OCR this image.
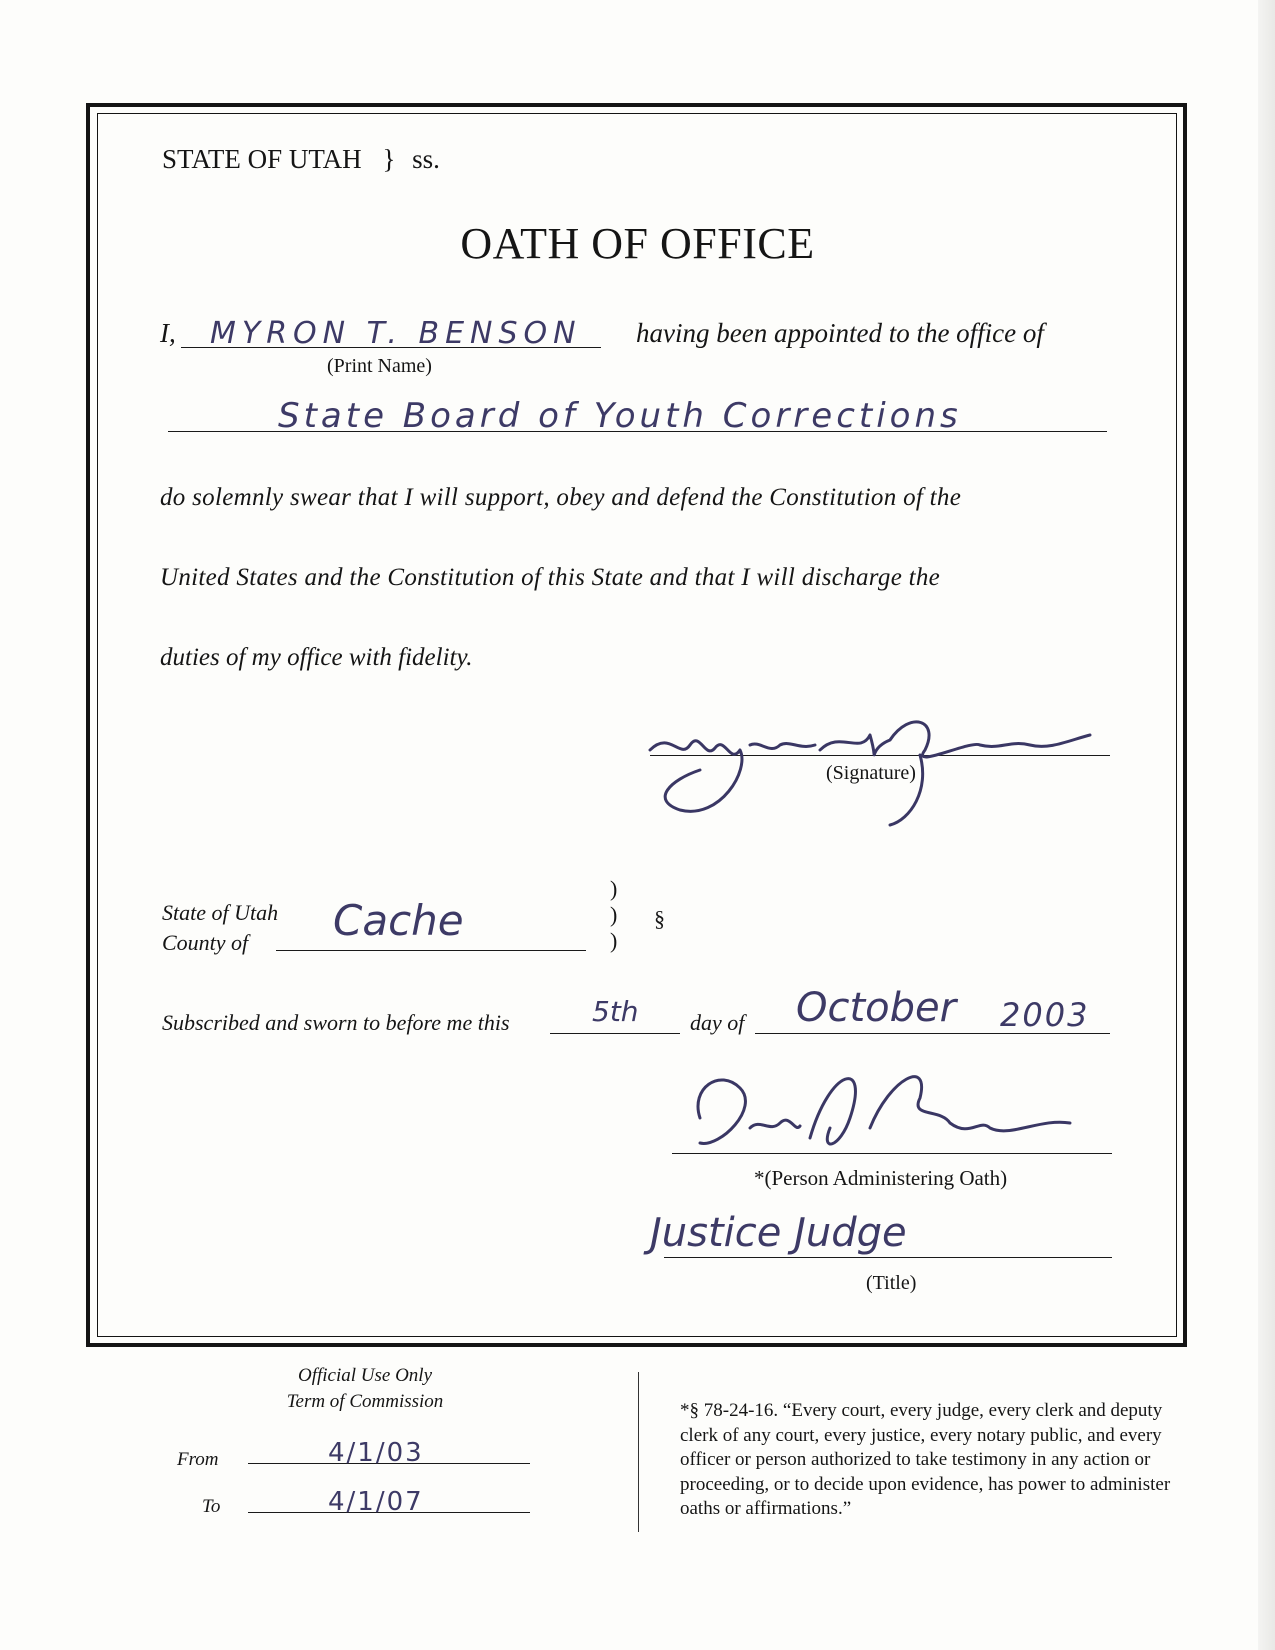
STATE OF UTAH } ss.
OATH OF OFFICE
I, MYRON T. BENSON
(Print Name)
having been appointed to the office of
State Board of Youth Corrections
do solemnly swear that I will support, obey and defend the Constitution of the
United States and the Constitution of this State and that I will discharge the
duties of my office with fidelity.
(Signature)
State of Utah
County of Cache
)
)
)
§
Subscribed and sworn to before me this	5th day of October 2003
*(Person Administering Oath)
Justice Judge
(Title)
Official Use Only
Term of Commission
From	4/1/03
To	4/1/07
*§ 78-24-16. “Every court, every judge, every clerk and deputy clerk of any court, every justice, every notary public, and every officer or person authorized to take testimony in any action or proceeding, or to decide upon evidence, has power to administer oaths or affirmations.”
